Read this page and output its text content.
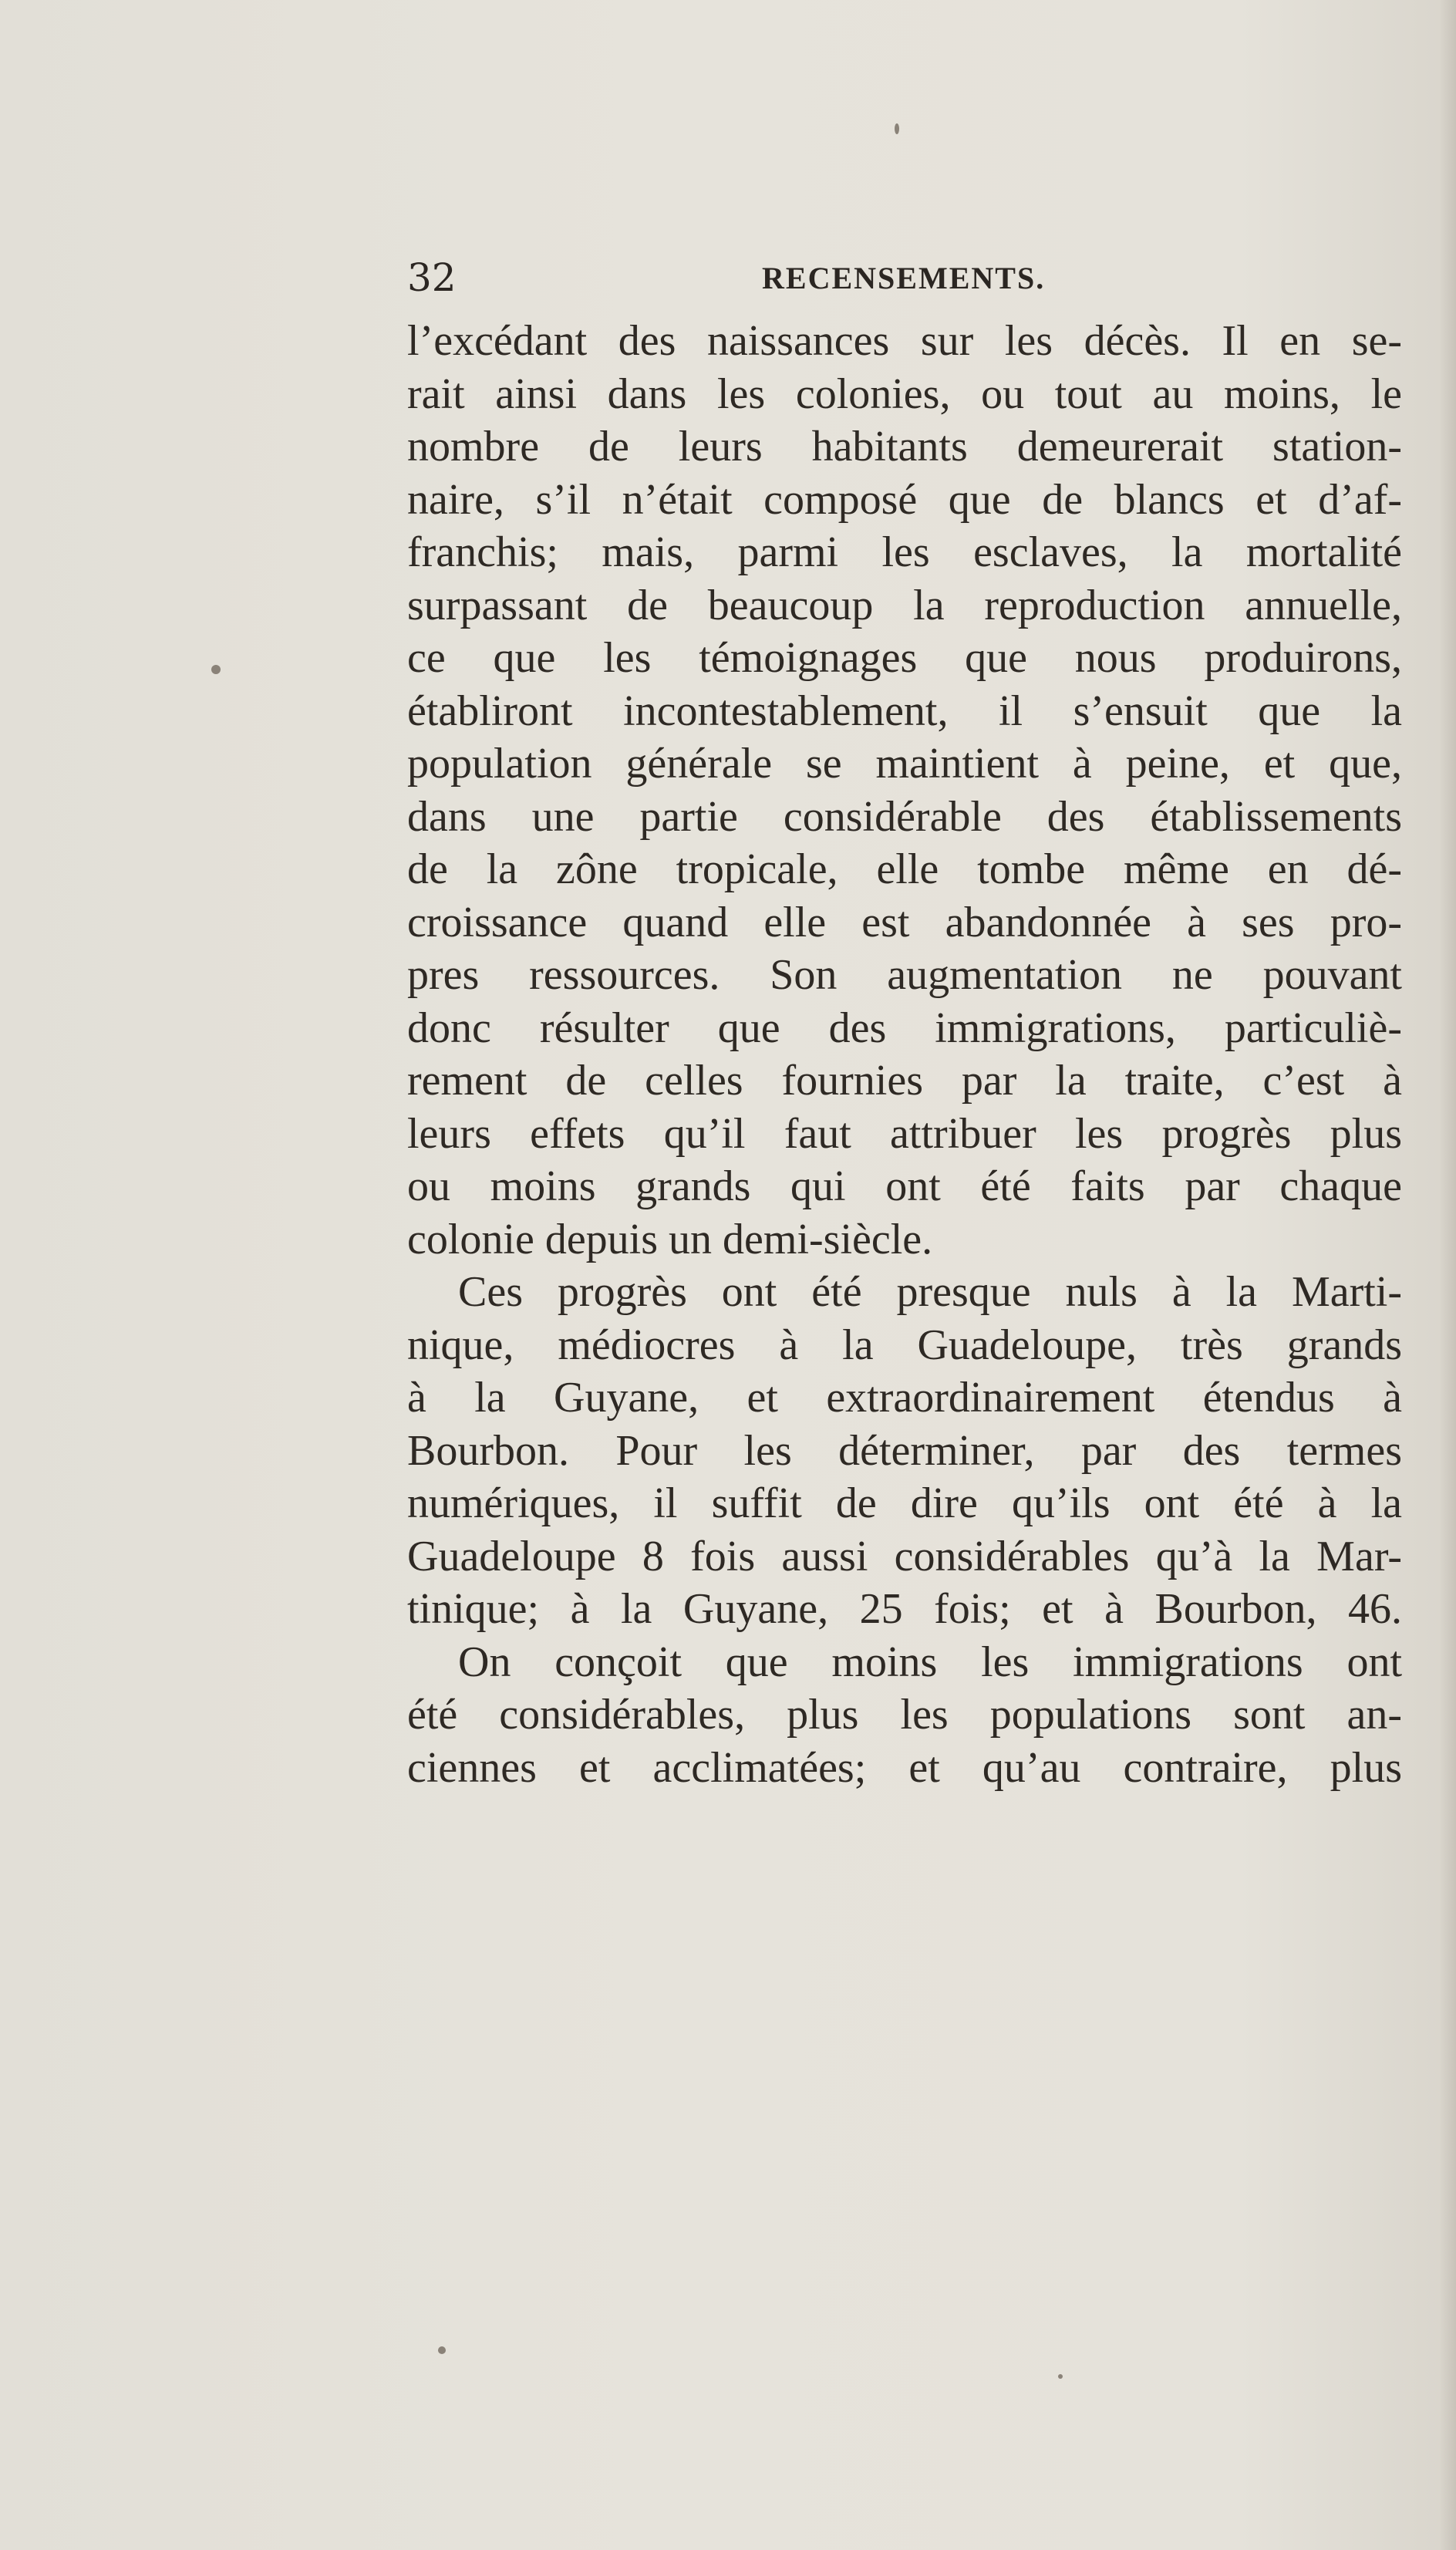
32	RECENSEMENTS.
l’excédant des naissances sur les décès. Il en se-
rait ainsi dans les colonies, ou tout au moins, le
nombre de leurs habitants demeurerait station-
naire, s’il n’était composé que de blancs et d’af-
franchis; mais, parmi les esclaves, la mortalité
surpassant de beaucoup la reproduction annuelle,
ce que les témoignages que nous produirons,
établiront incontestablement, il s’ensuit que la
population générale se maintient à peine, et que,
dans une partie considérable des établissements
de la zône tropicale, elle tombe même en dé-
croissance quand elle est abandonnée à ses pro-
pres ressources. Son augmentation ne pouvant
donc résulter que des immigrations, particuliè-
rement de celles fournies par la traite, c’est à
leurs effets qu’il faut attribuer les progrès plus
ou moins grands qui ont été faits par chaque
colonie depuis un demi-siècle.
Ces progrès ont été presque nuls à la Marti-
nique, médiocres à la Guadeloupe, très grands
à la Guyane, et extraordinairement étendus à
Bourbon. Pour les déterminer, par des termes
numériques, il suffit de dire qu’ils ont été à la
Guadeloupe 8 fois aussi considérables qu’à la Mar-
tinique; à la Guyane, 25 fois; et à Bourbon, 46.
On conçoit que moins les immigrations ont
été considérables, plus les populations sont an-
ciennes et acclimatées; et qu’au contraire, plus
